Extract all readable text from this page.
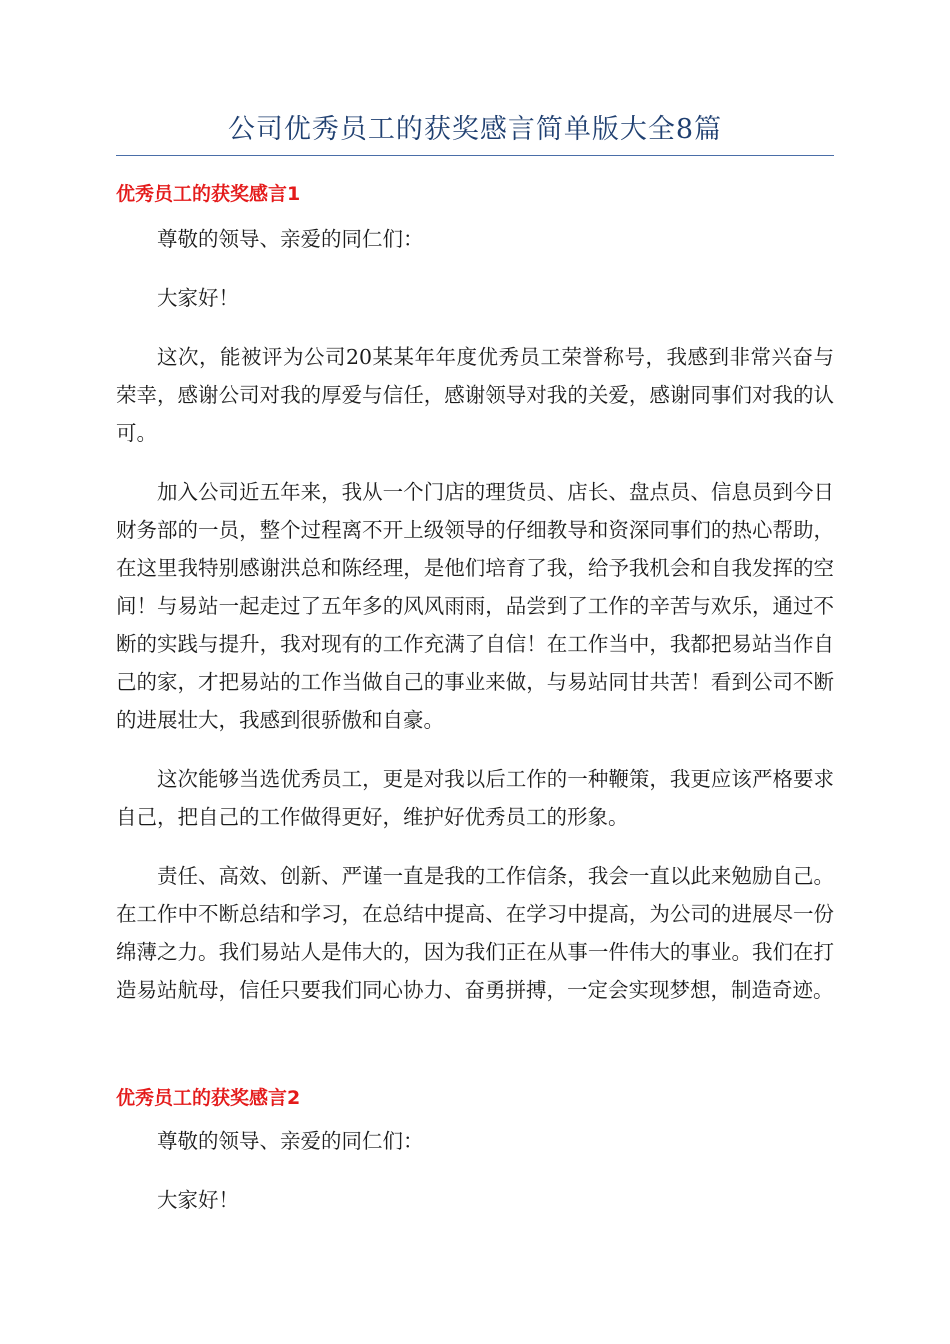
公司优秀员工的获奖感言简单版大全8篇
优秀员工的获奖感言1

尊敬的领导、亲爱的同仁们：

大家好！

这次，能被评为公司20某某年年度优秀员工荣誉称号，我感到非常兴奋与荣幸，感谢公司对我的厚爱与信任，感谢领导对我的关爱，感谢同事们对我的认可。

加入公司近五年来，我从一个门店的理货员、店长、盘点员、信息员到今日财务部的一员，整个过程离不开上级领导的仔细教导和资深同事们的热心帮助，在这里我特别感谢洪总和陈经理，是他们培育了我，给予我机会和自我发挥的空间！与易站一起走过了五年多的风风雨雨，品尝到了工作的辛苦与欢乐，通过不断的实践与提升，我对现有的工作充满了自信！在工作当中，我都把易站当作自己的家，才把易站的工作当做自己的事业来做，与易站同甘共苦！看到公司不断的进展壮大，我感到很骄傲和自豪。

这次能够当选优秀员工，更是对我以后工作的一种鞭策，我更应该严格要求自己，把自己的工作做得更好，维护好优秀员工的形象。

责任、高效、创新、严谨一直是我的工作信条，我会一直以此来勉励自己。在工作中不断总结和学习，在总结中提高、在学习中提高，为公司的进展尽一份绵薄之力。我们易站人是伟大的，因为我们正在从事一件伟大的事业。我们在打造易站航母，信任只要我们同心协力、奋勇拼搏，一定会实现梦想，制造奇迹。

优秀员工的获奖感言2

尊敬的领导、亲爱的同仁们：

大家好！
